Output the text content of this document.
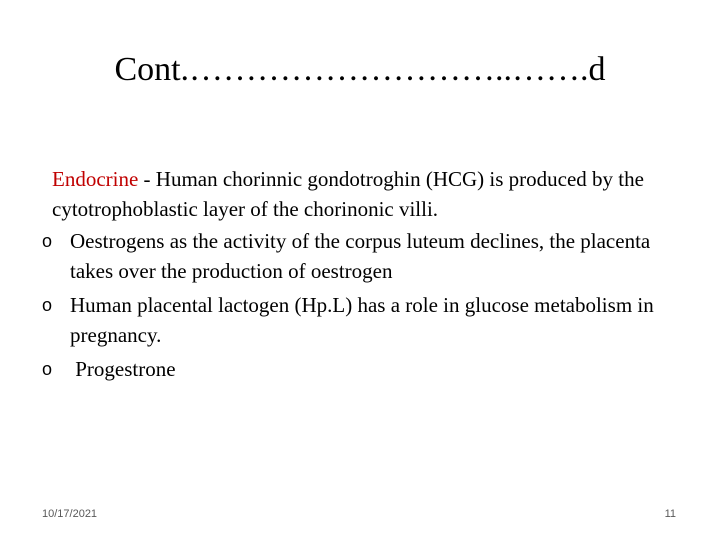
Cont.………………………..…….d

Endocrine - Human chorinnic gondotroghin (HCG) is produced by the cytotrophoblastic layer of the chorinonic villi.

o Oestrogens as the activity of the corpus luteum declines, the placenta takes over the production of oestrogen
o Human placental lactogen (Hp.L) has a role in glucose metabolism in pregnancy.
o Progestrone
10/17/2021	11
